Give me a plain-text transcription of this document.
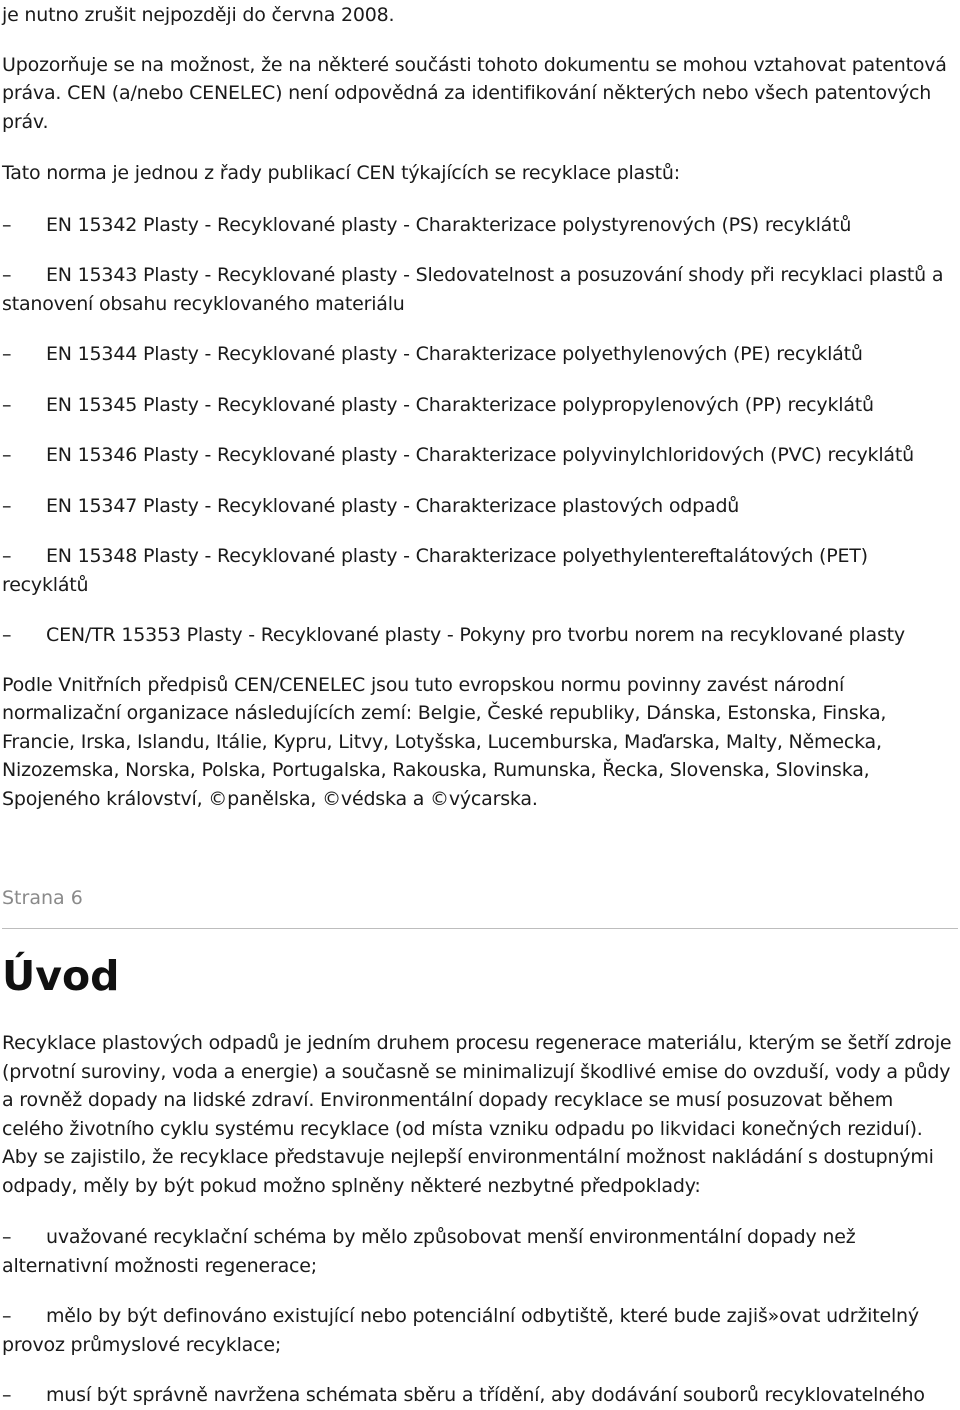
je nutno zrušit nejpozději do června 2008.

Upozorňuje se na možnost, že na některé součásti tohoto dokumentu se mohou vztahovat patentová práva. CEN (a/nebo CENELEC) není odpovědná za identifikování některých nebo všech patentových práv.

Tato norma je jednou z řady publikací CEN týkajících se recyklace plastů:

– EN 15342 Plasty - Recyklované plasty - Charakterizace polystyrenových (PS) recyklátů

– EN 15343 Plasty - Recyklované plasty - Sledovatelnost a posuzování shody při recyklaci plastů a stanovení obsahu recyklovaného materiálu

– EN 15344 Plasty - Recyklované plasty - Charakterizace polyethylenových (PE) recyklátů

– EN 15345 Plasty - Recyklované plasty - Charakterizace polypropylenových (PP) recyklátů

– EN 15346 Plasty - Recyklované plasty - Charakterizace polyvinylchloridových (PVC) recyklátů

– EN 15347 Plasty - Recyklované plasty - Charakterizace plastových odpadů

– EN 15348 Plasty - Recyklované plasty - Charakterizace polyethylentereftalátových (PET) recyklátů

– CEN/TR 15353 Plasty - Recyklované plasty - Pokyny pro tvorbu norem na recyklované plasty

Podle Vnitřních předpisů CEN/CENELEC jsou tuto evropskou normu povinny zavést národní normalizační organizace následujících zemí: Belgie, České republiky, Dánska, Estonska, Finska, Francie, Irska, Islandu, Itálie, Kypru, Litvy, Lotyšska, Lucemburska, Maďarska, Malty, Německa, Nizozemska, Norska, Polska, Portugalska, Rakouska, Rumunska, Řecka, Slovenska, Slovinska, Spojeného království, ©panělska, ©védska a ©výcarska.

Strana 6
Úvod

Recyklace plastových odpadů je jedním druhem procesu regenerace materiálu, kterým se šetří zdroje (prvotní suroviny, voda a energie) a současně se minimalizují škodlivé emise do ovzduší, vody a půdy a rovněž dopady na lidské zdraví. Environmentální dopady recyklace se musí posuzovat během celého životního cyklu systému recyklace (od místa vzniku odpadu po likvidaci konečných reziduí). Aby se zajistilo, že recyklace představuje nejlepší environmentální možnost nakládání s dostupnými odpady, měly by být pokud možno splněny některé nezbytné předpoklady:

– uvažované recyklační schéma by mělo způsobovat menší environmentální dopady než alternativní možnosti regenerace;

– mělo by být definováno existující nebo potenciální odbytiště, které bude zajiš»ovat udržitelný provoz průmyslové recyklace;

– musí být správně navržena schémata sběru a třídění, aby dodávání souborů recyklovatelného
